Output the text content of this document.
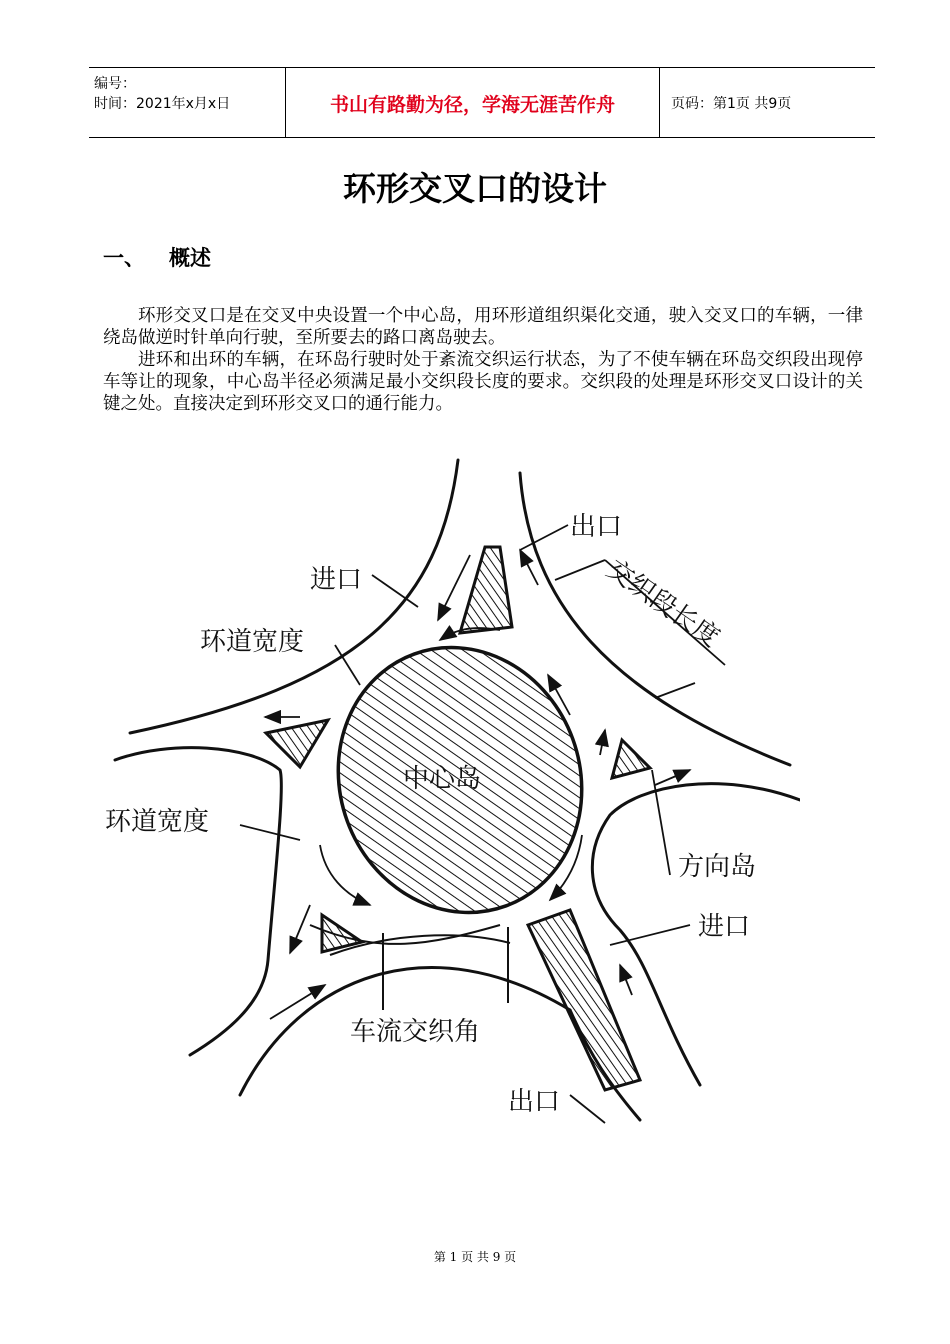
编号：
时间：2021年x月x日	书山有路勤为径，学海无涯苦作舟	页码：第1页 共9页
环形交叉口的设计
一、 概述

环形交叉口是在交叉中央设置一个中心岛，用环形道组织渠化交通，驶入交叉口的车辆，一律绕岛做逆时针单向行驶，至所要去的路口离岛驶去。

进环和出环的车辆，在环岛行驶时处于紊流交织运行状态，为了不使车辆在环岛交织段出现停车等让的现象，中心岛半径必须满足最小交织段长度的要求。交织段的处理是环形交叉口设计的关键之处。直接决定到环形交叉口的通行能力。

进口
出口
交织段长度
环道宽度
环道宽度
中心岛
方向岛
进口
车流交织角
出口
第 1 页 共 9 页
